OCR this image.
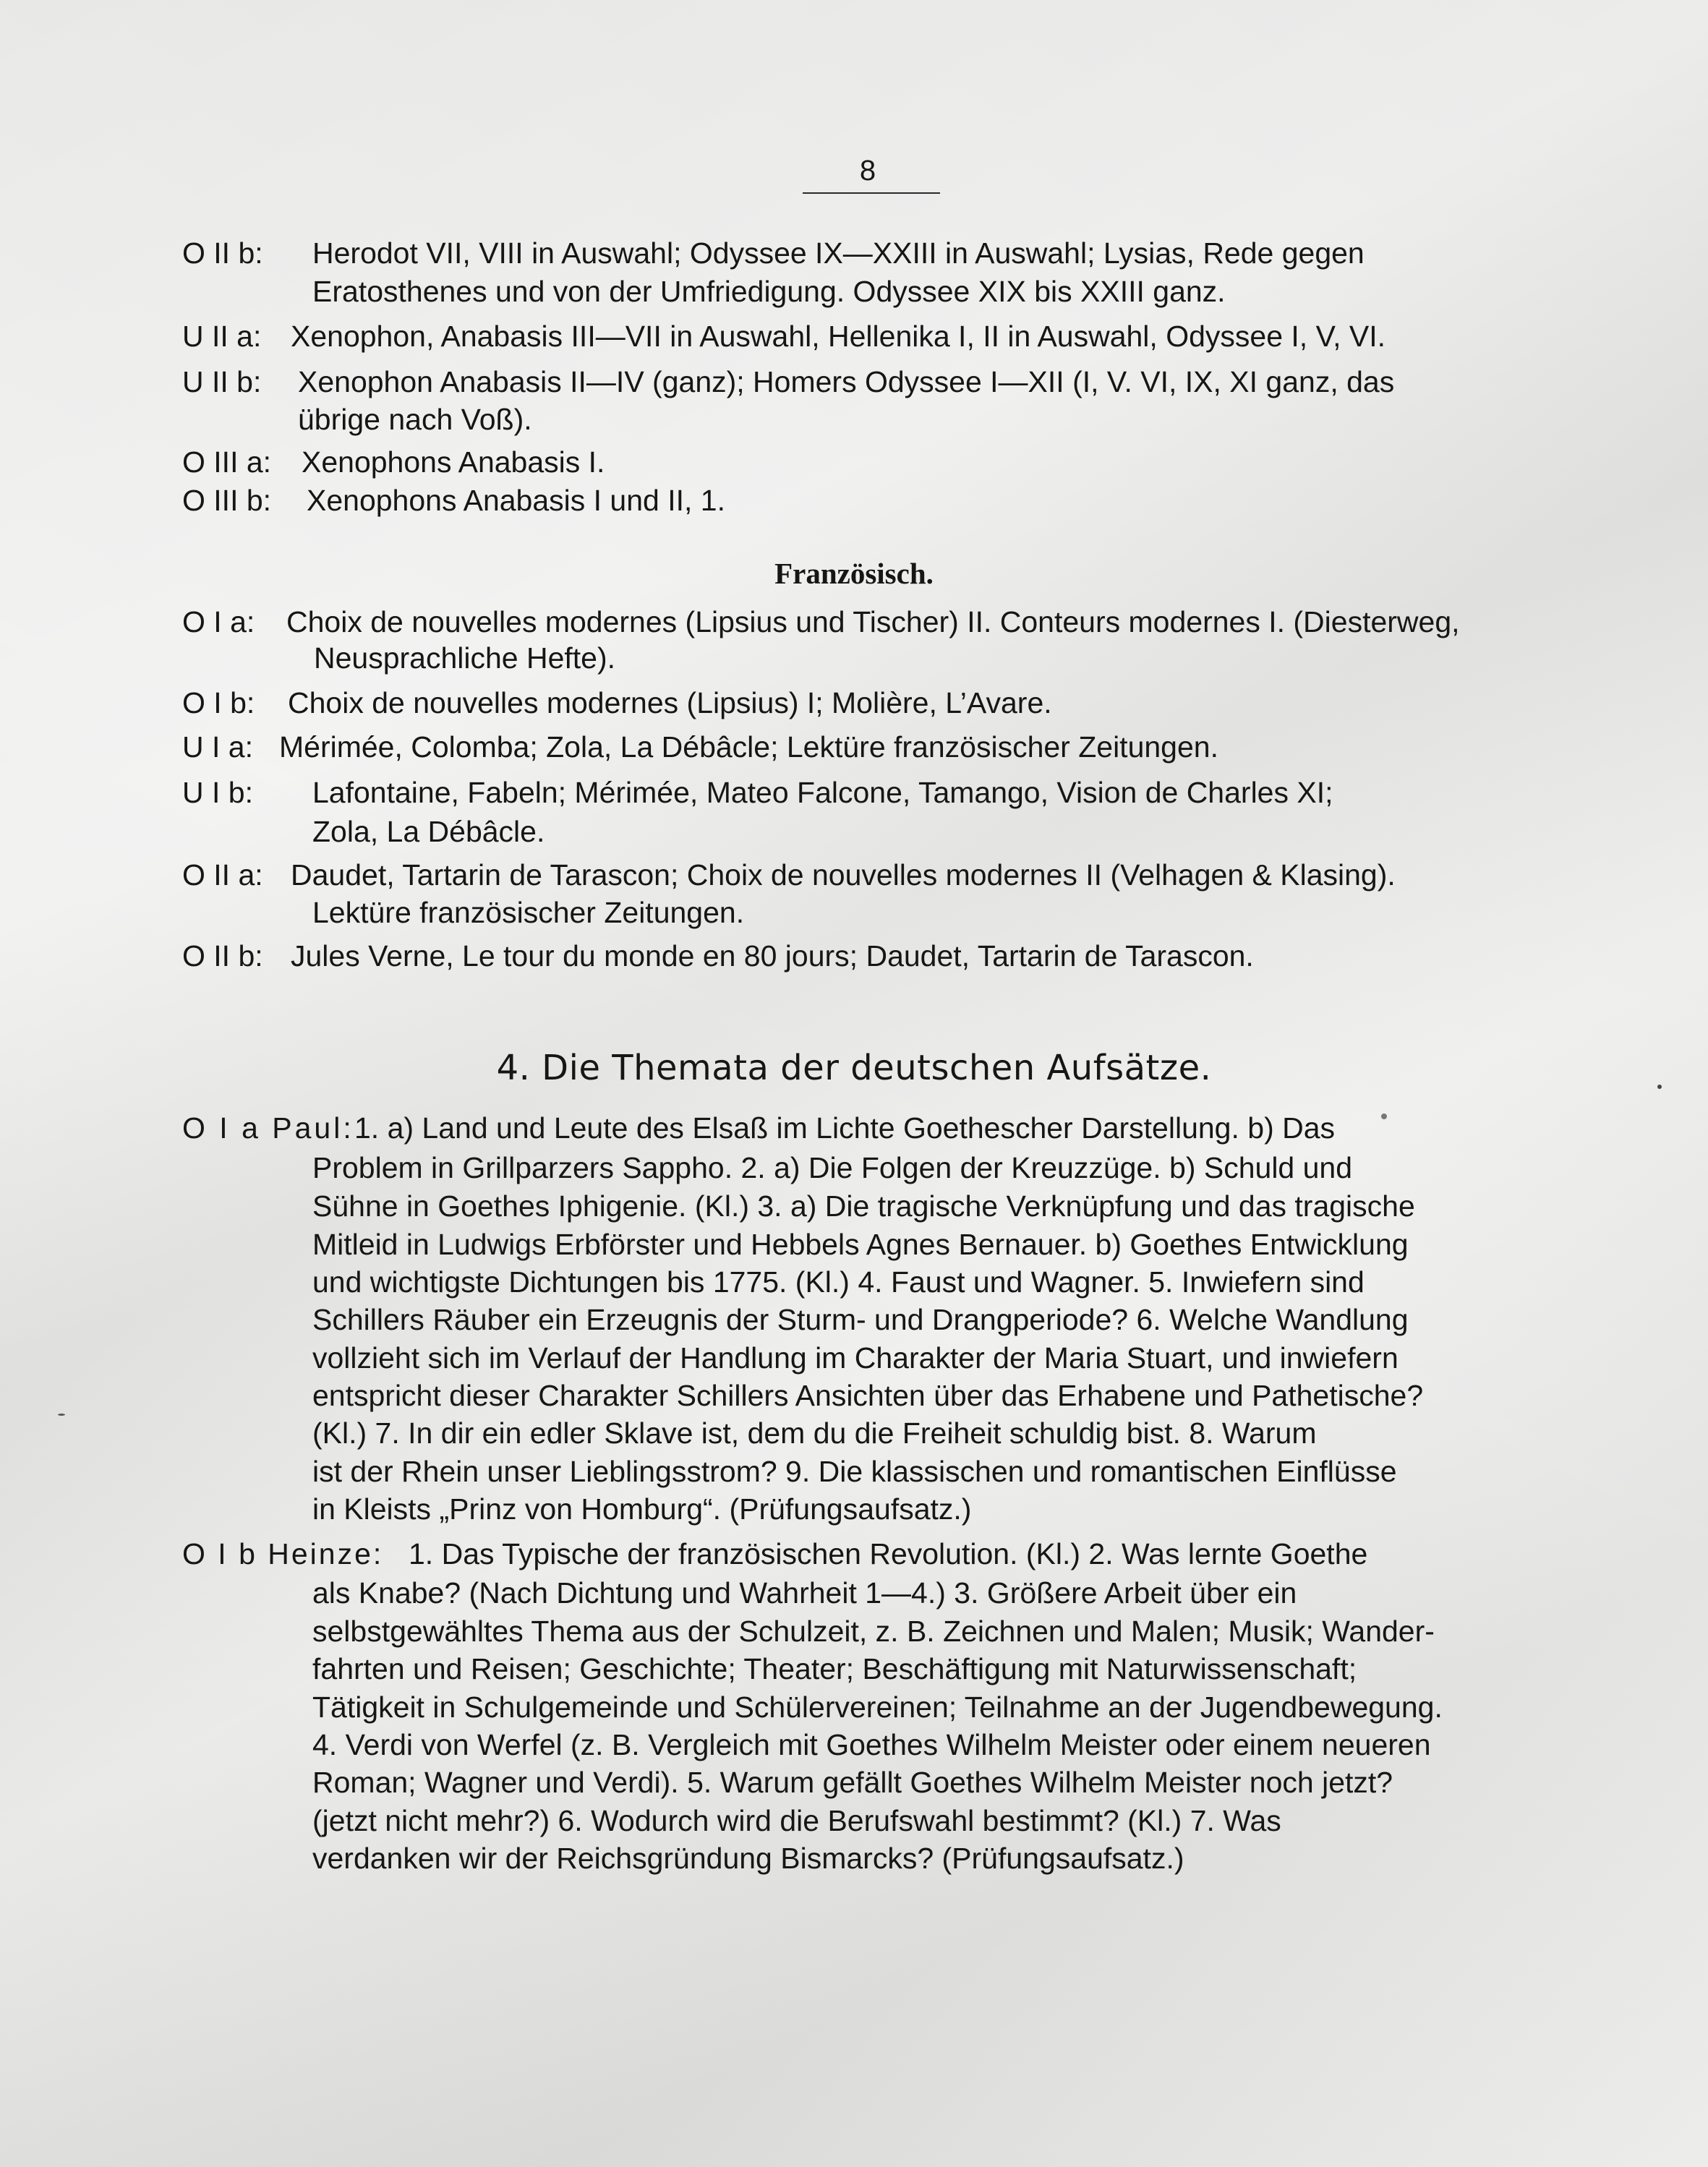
8
O II b: Herodot VII, VIII in Auswahl; Odyssee IX—XXIII in Auswahl; Lysias, Rede gegen
Eratosthenes und von der Umfriedigung. Odyssee XIX bis XXIII ganz.
U II a: Xenophon, Anabasis III—VII in Auswahl, Hellenika I, II in Auswahl, Odyssee I, V, VI.
U II b: Xenophon Anabasis II—IV (ganz); Homers Odyssee I—XII (I, V. VI, IX, XI ganz, das
übrige nach Voß).
O III a: Xenophons Anabasis I.
O III b: Xenophons Anabasis I und II, 1.
Französisch.
O I a: Choix de nouvelles modernes (Lipsius und Tischer) II. Conteurs modernes I. (Diesterweg,
Neusprachliche Hefte).
O I b: Choix de nouvelles modernes (Lipsius) I; Molière, L’Avare.
U I a: Mérimée, Colomba; Zola, La Débâcle; Lektüre französischer Zeitungen.
U I b: Lafontaine, Fabeln; Mérimée, Mateo Falcone, Tamango, Vision de Charles XI;
Zola, La Débâcle.
O II a: Daudet, Tartarin de Tarascon; Choix de nouvelles modernes II (Velhagen & Klasing).
Lektüre französischer Zeitungen.
O II b: Jules Verne, Le tour du monde en 80 jours; Daudet, Tartarin de Tarascon.
4. Die Themata der deutschen Aufsätze.
O I a Paul: 1. a) Land und Leute des Elsaß im Lichte Goethescher Darstellung. b) Das
Problem in Grillparzers Sappho. 2. a) Die Folgen der Kreuzzüge. b) Schuld und
Sühne in Goethes Iphigenie. (Kl.) 3. a) Die tragische Verknüpfung und das tragische
Mitleid in Ludwigs Erbförster und Hebbels Agnes Bernauer. b) Goethes Entwicklung
und wichtigste Dichtungen bis 1775. (Kl.) 4. Faust und Wagner. 5. Inwiefern sind
Schillers Räuber ein Erzeugnis der Sturm- und Drangperiode? 6. Welche Wandlung
vollzieht sich im Verlauf der Handlung im Charakter der Maria Stuart, und inwiefern
entspricht dieser Charakter Schillers Ansichten über das Erhabene und Pathetische?
(Kl.) 7. In dir ein edler Sklave ist, dem du die Freiheit schuldig bist. 8. Warum
ist der Rhein unser Lieblingsstrom? 9. Die klassischen und romantischen Einflüsse
in Kleists „Prinz von Homburg“. (Prüfungsaufsatz.)
O I b Heinze: 1. Das Typische der französischen Revolution. (Kl.) 2. Was lernte Goethe
als Knabe? (Nach Dichtung und Wahrheit 1—4.) 3. Größere Arbeit über ein
selbstgewähltes Thema aus der Schulzeit, z. B. Zeichnen und Malen; Musik; Wander-
fahrten und Reisen; Geschichte; Theater; Beschäftigung mit Naturwissenschaft;
Tätigkeit in Schulgemeinde und Schülervereinen; Teilnahme an der Jugendbewegung.
4. Verdi von Werfel (z. B. Vergleich mit Goethes Wilhelm Meister oder einem neueren
Roman; Wagner und Verdi). 5. Warum gefällt Goethes Wilhelm Meister noch jetzt?
(jetzt nicht mehr?) 6. Wodurch wird die Berufswahl bestimmt? (Kl.) 7. Was
verdanken wir der Reichsgründung Bismarcks? (Prüfungsaufsatz.)
